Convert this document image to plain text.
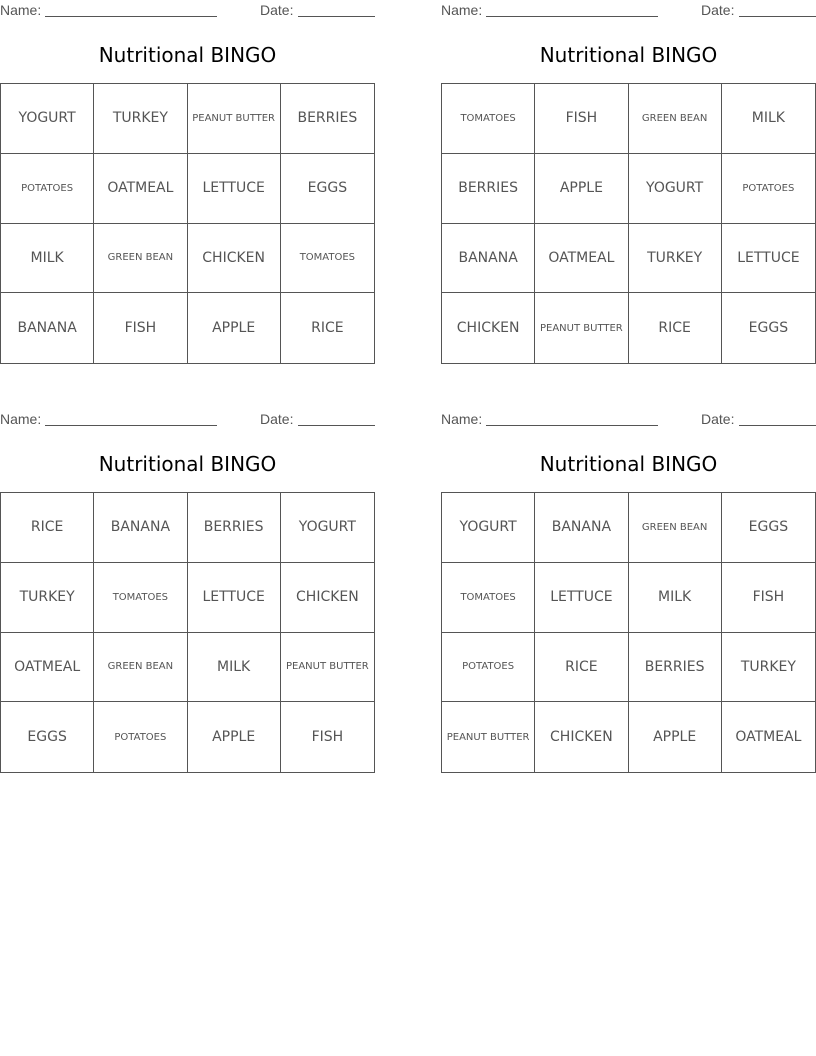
Name:	Date:
Nutritional BINGO
YOGURT	TURKEY	PEANUT BUTTER	BERRIES
POTATOES	OATMEAL	LETTUCE	EGGS
MILK	GREEN BEAN	CHICKEN	TOMATOES
BANANA	FISH	APPLE	RICE
Name:	Date:
Nutritional BINGO
TOMATOES	FISH	GREEN BEAN	MILK
BERRIES	APPLE	YOGURT	POTATOES
BANANA	OATMEAL	TURKEY	LETTUCE
CHICKEN	PEANUT BUTTER	RICE	EGGS
Name:	Date:
Nutritional BINGO
RICE	BANANA	BERRIES	YOGURT
TURKEY	TOMATOES	LETTUCE	CHICKEN
OATMEAL	GREEN BEAN	MILK	PEANUT BUTTER
EGGS	POTATOES	APPLE	FISH
Name:	Date:
Nutritional BINGO
YOGURT	BANANA	GREEN BEAN	EGGS
TOMATOES	LETTUCE	MILK	FISH
POTATOES	RICE	BERRIES	TURKEY
PEANUT BUTTER	CHICKEN	APPLE	OATMEAL
